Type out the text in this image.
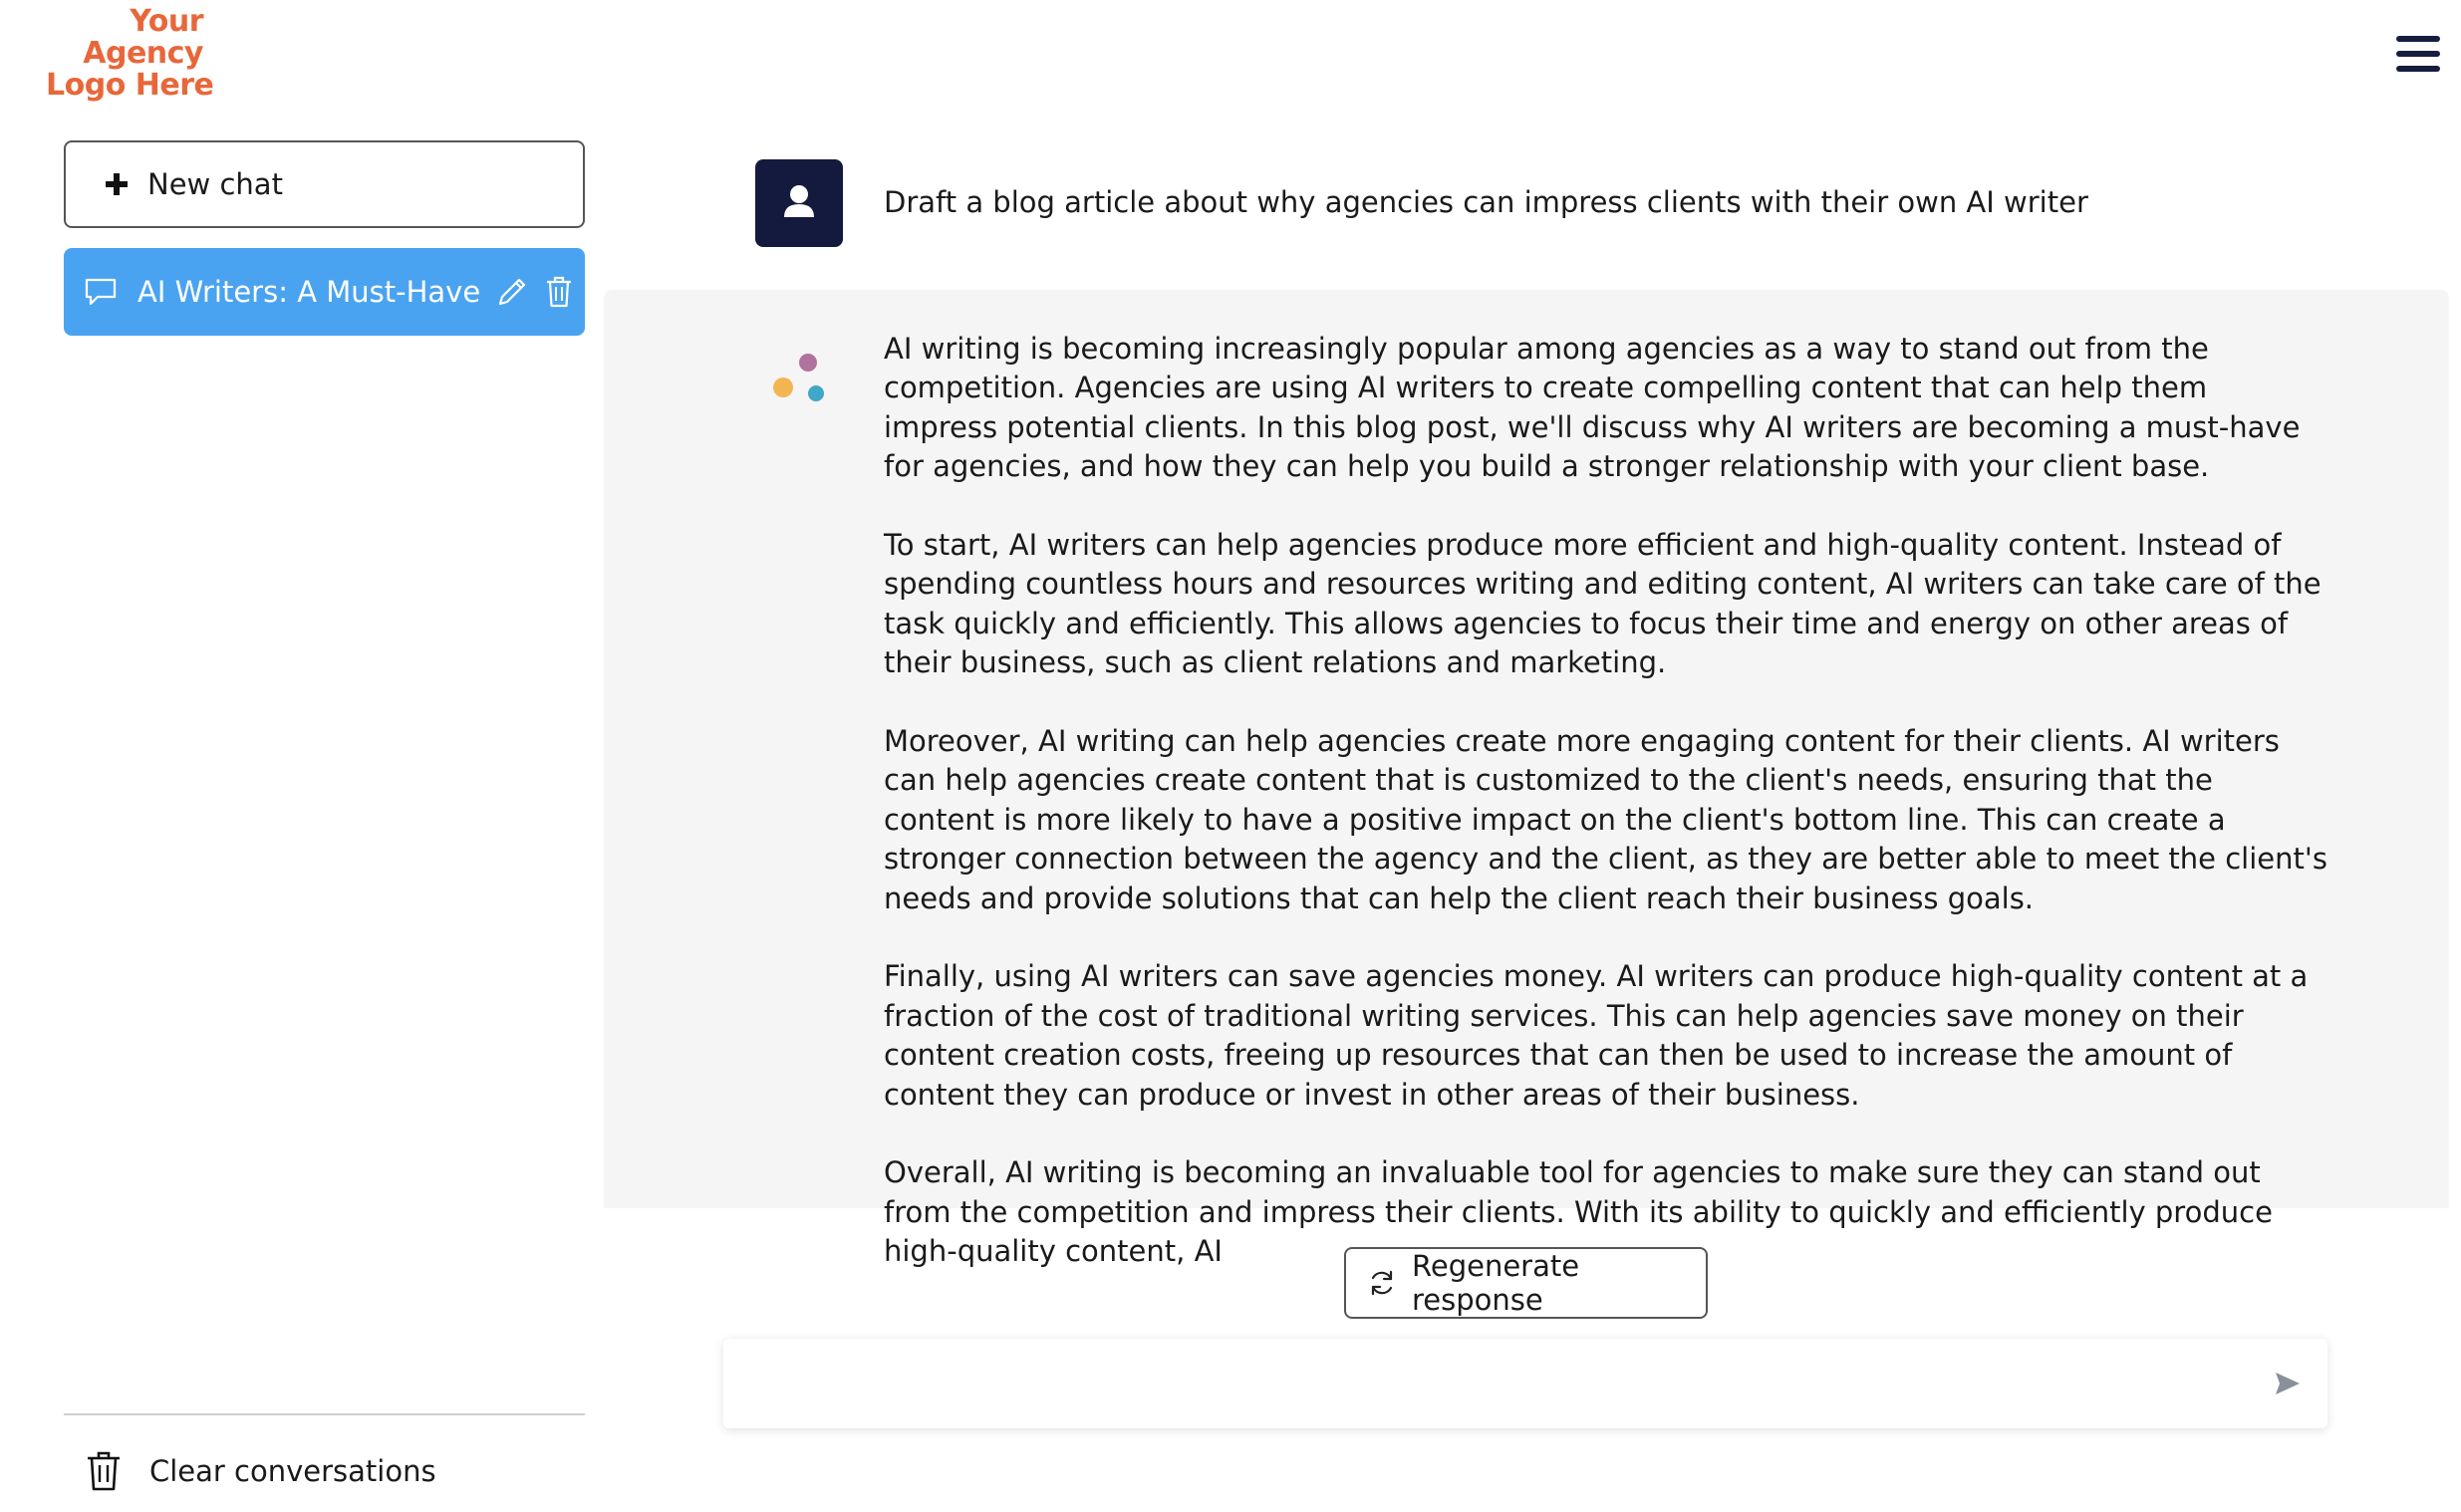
Your
Agency
Logo Here
New chat
AI Writers: A Must-Have
Clear conversations
Draft a blog article about why agencies can impress clients with their own AI writer

AI writing is becoming increasingly popular among agencies as a way to stand out from the competition. Agencies are using AI writers to create compelling content that can help them impress potential clients. In this blog post, we'll discuss why AI writers are becoming a must-have for agencies, and how they can help you build a stronger relationship with your client base.

To start, AI writers can help agencies produce more efficient and high-quality content. Instead of spending countless hours and resources writing and editing content, AI writers can take care of the task quickly and efficiently. This allows agencies to focus their time and energy on other areas of their business, such as client relations and marketing.

Moreover, AI writing can help agencies create more engaging content for their clients. AI writers can help agencies create content that is customized to the client's needs, ensuring that the content is more likely to have a positive impact on the client's bottom line. This can create a stronger connection between the agency and the client, as they are better able to meet the client's needs and provide solutions that can help the client reach their business goals.

Finally, using AI writers can save agencies money. AI writers can produce high-quality content at a fraction of the cost of traditional writing services. This can help agencies save money on their content creation costs, freeing up resources that can then be used to increase the amount of content they can produce or invest in other areas of their business.

Overall, AI writing is becoming an invaluable tool for agencies to make sure they can stand out from the competition and impress their clients. With its ability to quickly and efficiently produce high-quality content, AI	Regenerate response
